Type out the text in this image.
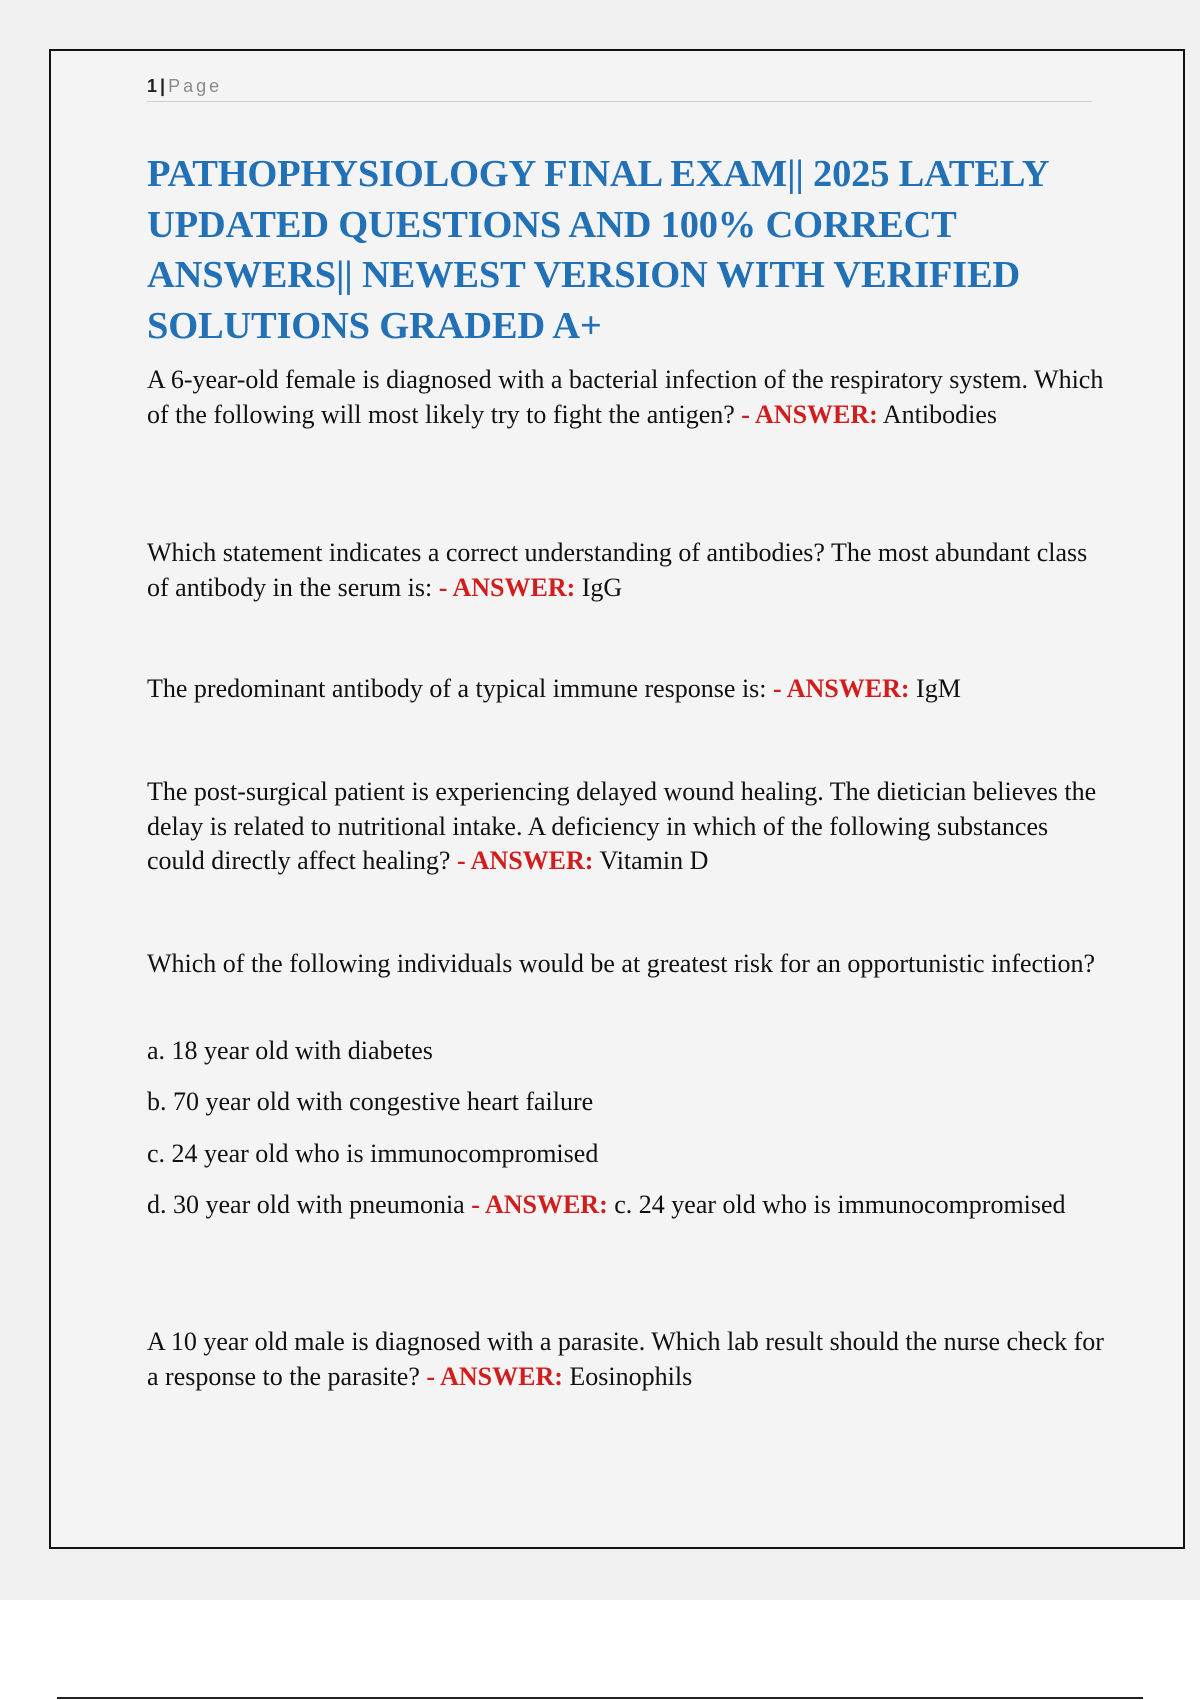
1 | Page
PATHOPHYSIOLOGY FINAL EXAM|| 2025 LATELY UPDATED QUESTIONS AND 100% CORRECT ANSWERS|| NEWEST VERSION WITH VERIFIED SOLUTIONS GRADED A+

A 6-year-old female is diagnosed with a bacterial infection of the respiratory system. Which of the following will most likely try to fight the antigen? - ANSWER: Antibodies

Which statement indicates a correct understanding of antibodies? The most abundant class of antibody in the serum is: - ANSWER: IgG

The predominant antibody of a typical immune response is: - ANSWER: IgM

The post-surgical patient is experiencing delayed wound healing. The dietician believes the delay is related to nutritional intake. A deficiency in which of the following substances could directly affect healing? - ANSWER: Vitamin D

Which of the following individuals would be at greatest risk for an opportunistic infection?

a. 18 year old with diabetes

b. 70 year old with congestive heart failure

c. 24 year old who is immunocompromised

d. 30 year old with pneumonia - ANSWER: c. 24 year old who is immunocompromised

A 10 year old male is diagnosed with a parasite. Which lab result should the nurse check for a response to the parasite? - ANSWER: Eosinophils
